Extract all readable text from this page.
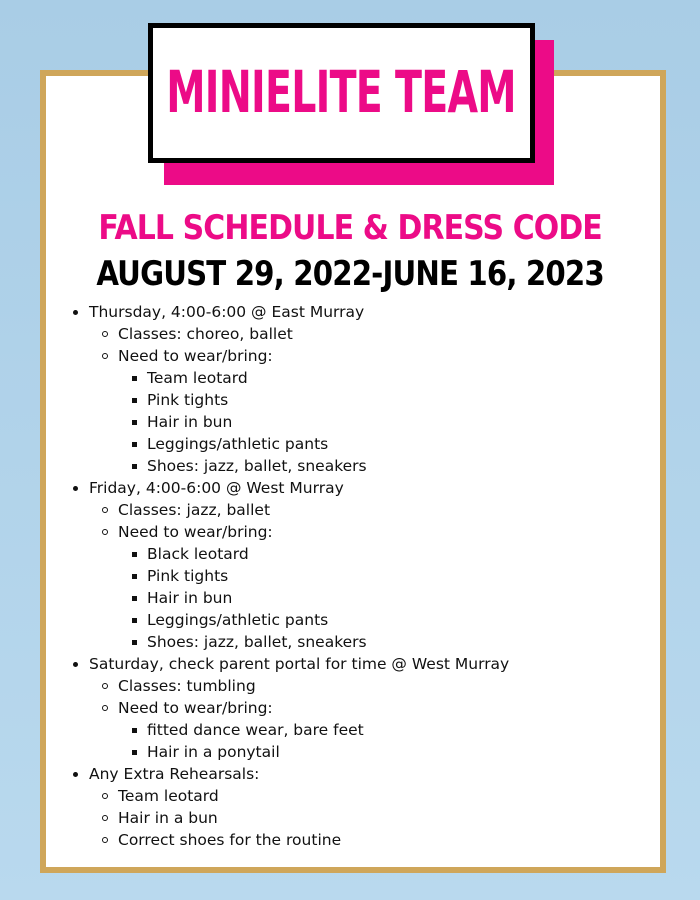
MINIELITE TEAM
FALL SCHEDULE & DRESS CODE
AUGUST 29, 2022-JUNE 16, 2023
Thursday, 4:00-6:00 @ East Murray
Classes: choreo, ballet
Need to wear/bring:
Team leotard
Pink tights
Hair in bun
Leggings/athletic pants
Shoes: jazz, ballet, sneakers
Friday, 4:00-6:00 @ West Murray
Classes: jazz, ballet
Need to wear/bring:
Black leotard
Pink tights
Hair in bun
Leggings/athletic pants
Shoes: jazz, ballet, sneakers
Saturday, check parent portal for time @ West Murray
Classes: tumbling
Need to wear/bring:
fitted dance wear, bare feet
Hair in a ponytail
Any Extra Rehearsals:
Team leotard
Hair in a bun
Correct shoes for the routine
